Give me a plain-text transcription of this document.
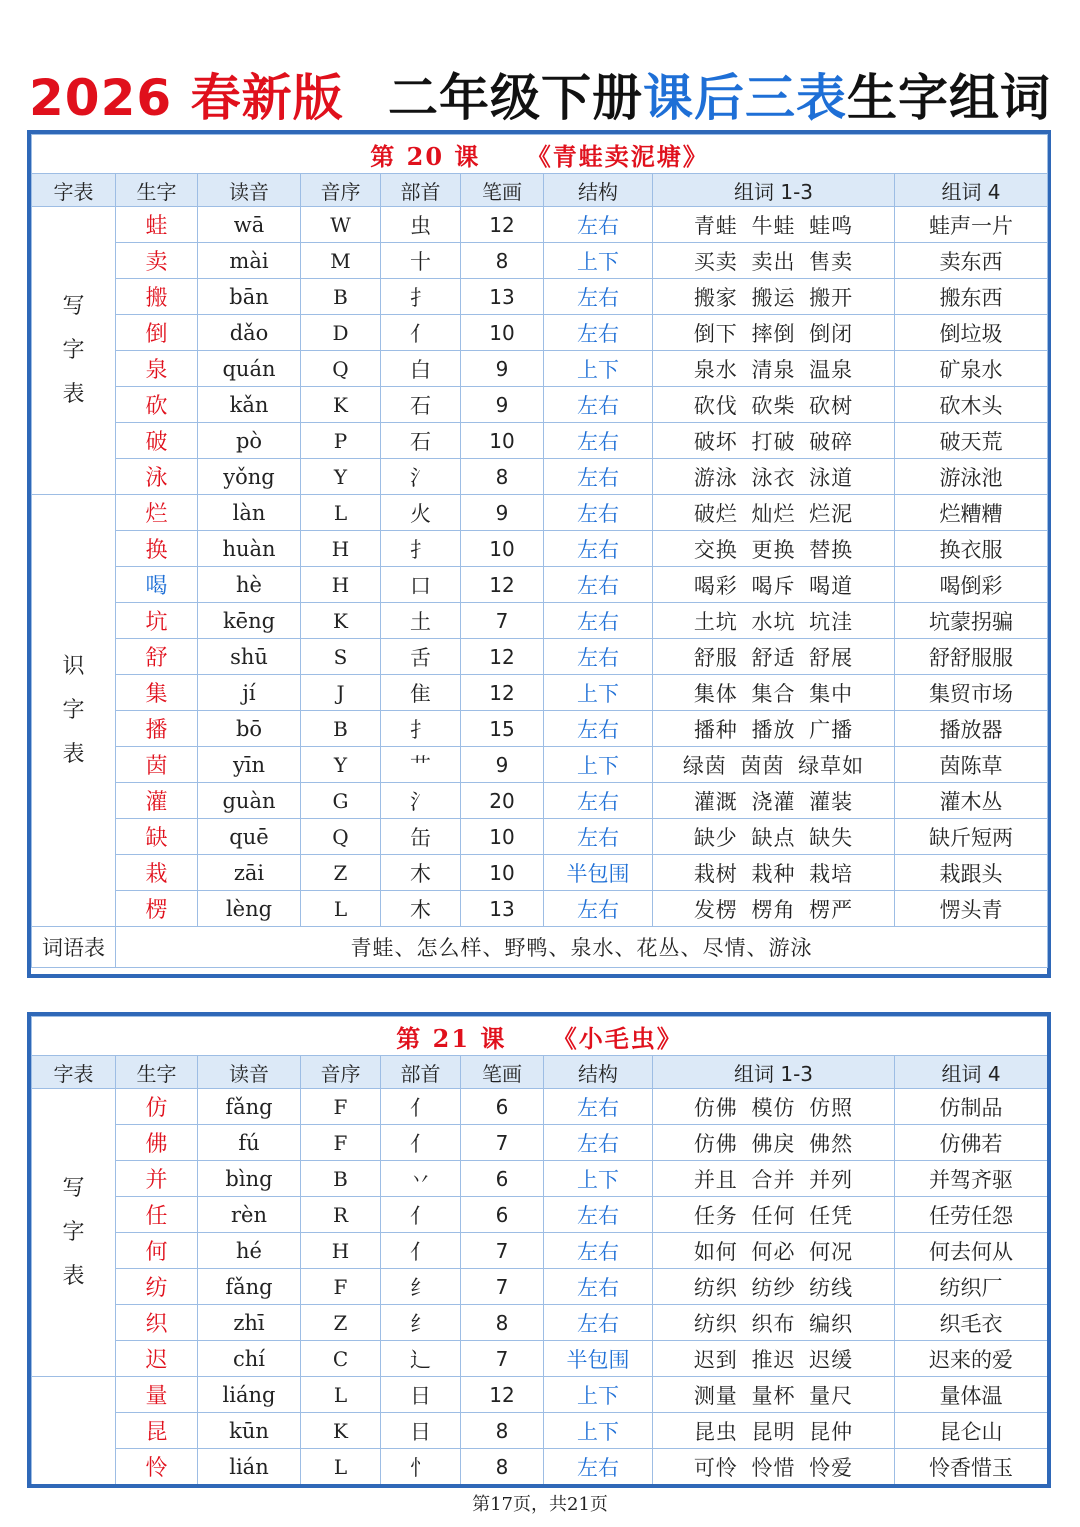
2026 春新版 二年级下册课后三表生字组词
第 20 课 《青蛙卖泥塘》								
字表	生字	读音	音序	部首	笔画	结构	组词 1-3	组词 4
写
字
表	蛙	wā	W	虫	12	左右	青蛙 牛蛙 蛙鸣	蛙声一片
	卖	mài	M	十	8	上下	买卖 卖出 售卖	卖东西
	搬	bān	B	扌	13	左右	搬家 搬运 搬开	搬东西
	倒	dǎo	D	亻	10	左右	倒下 摔倒 倒闭	倒垃圾
	泉	quán	Q	白	9	上下	泉水 清泉 温泉	矿泉水
	砍	kǎn	K	石	9	左右	砍伐 砍柴 砍树	砍木头
	破	pò	P	石	10	左右	破坏 打破 破碎	破天荒
	泳	yǒng	Y	氵	8	左右	游泳 泳衣 泳道	游泳池
识
字
表	烂	làn	L	火	9	左右	破烂 灿烂 烂泥	烂糟糟
	换	huàn	H	扌	10	左右	交换 更换 替换	换衣服
	喝	hè	H	口	12	左右	喝彩 喝斥 喝道	喝倒彩
	坑	kēng	K	土	7	左右	土坑 水坑 坑洼	坑蒙拐骗
	舒	shū	S	舌	12	左右	舒服 舒适 舒展	舒舒服服
	集	jí	J	隹	12	上下	集体 集合 集中	集贸市场
	播	bō	B	扌	15	左右	播种 播放 广播	播放器
	茵	yīn	Y	艹	9	上下	绿茵 茵茵 绿草如	茵陈草
	灌	guàn	G	氵	20	左右	灌溉 浇灌 灌装	灌木丛
	缺	quē	Q	缶	10	左右	缺少 缺点 缺失	缺斤短两
	栽	zāi	Z	木	10	半包围	栽树 栽种 栽培	栽跟头
	楞	lèng	L	木	13	左右	发楞 楞角 楞严	愣头青
词语表	青蛙、怎么样、野鸭、泉水、花丛、尽情、游泳							
第 21 课 《小毛虫》								
字表	生字	读音	音序	部首	笔画	结构	组词 1-3	组词 4
写
字
表	仿	fǎng	F	亻	6	左右	仿佛 模仿 仿照	仿制品
	佛	fú	F	亻	7	左右	仿佛 佛戾 佛然	仿佛若
	并	bìng	B	丷	6	上下	并且 合并 并列	并驾齐驱
	任	rèn	R	亻	6	左右	任务 任何 任凭	任劳任怨
	何	hé	H	亻	7	左右	如何 何必 何况	何去何从
	纺	fǎng	F	纟	7	左右	纺织 纺纱 纺线	纺织厂
	织	zhī	Z	纟	8	左右	纺织 织布 编织	织毛衣
	迟	chí	C	辶	7	半包围	迟到 推迟 迟缓	迟来的爱
	量	liáng	L	日	12	上下	测量 量杯 量尺	量体温
	昆	kūn	K	日	8	上下	昆虫 昆明 昆仲	昆仑山
	怜	lián	L	忄	8	左右	可怜 怜惜 怜爱	怜香惜玉
第17页，共21页
